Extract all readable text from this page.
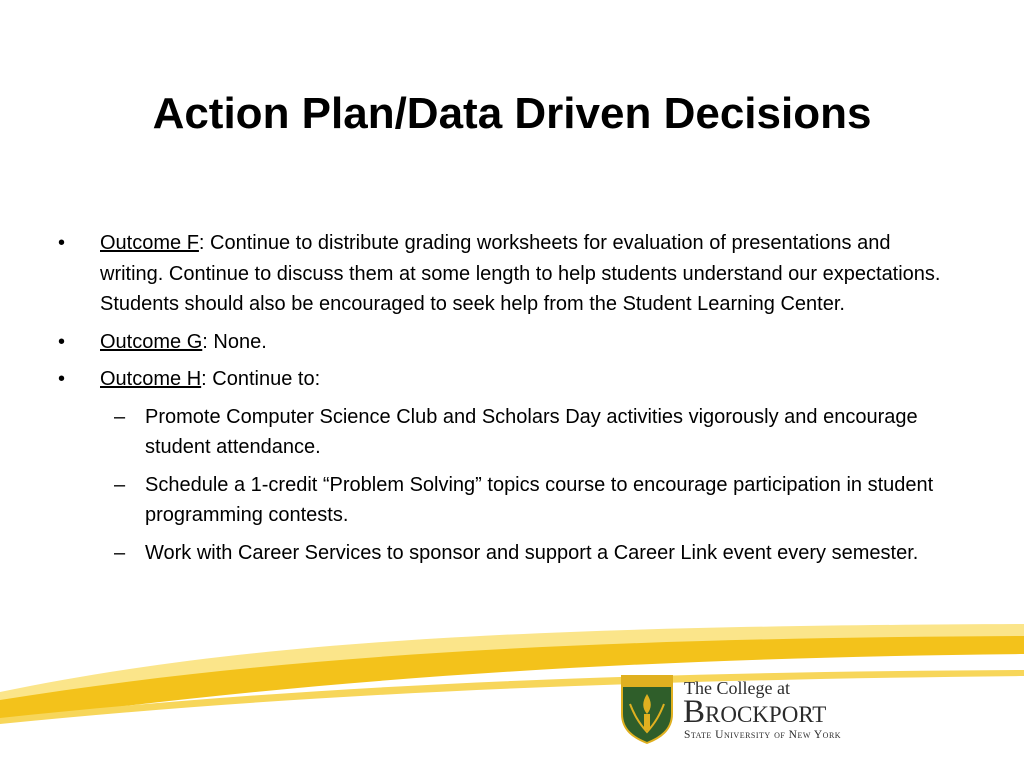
Action Plan/Data Driven Decisions
• Outcome F: Continue to distribute grading worksheets for evaluation of presentations and writing. Continue to discuss them at some length to help students understand our expectations. Students should also be encouraged to seek help from the Student Learning Center.
• Outcome G: None.
• Outcome H: Continue to:
– Promote Computer Science Club and Scholars Day activities vigorously and encourage student attendance.
– Schedule a 1-credit “Problem Solving” topics course to encourage participation in student programming contests.
– Work with Career Services to sponsor and support a Career Link event every semester.
The College at
Brockport
State University of New York
